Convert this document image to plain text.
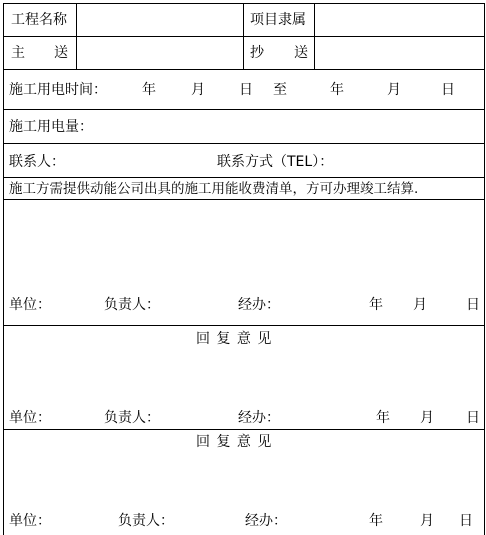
工程名称	项目隶属
主 送	抄 送
施工用电时间：	年	月 日 至	年	月	日
施工用电量：
联系人：	联系方式（TEL）：
施工方需提供动能公司出具的施工用能收费清单，方可办理竣工结算.
单位：	负责人：	经办：	年 月	日
回 复 意 见
单位：	负责人：	经办：	年 月 日
回 复 意 见
单位：	负责人：	经办：	年	月 日
